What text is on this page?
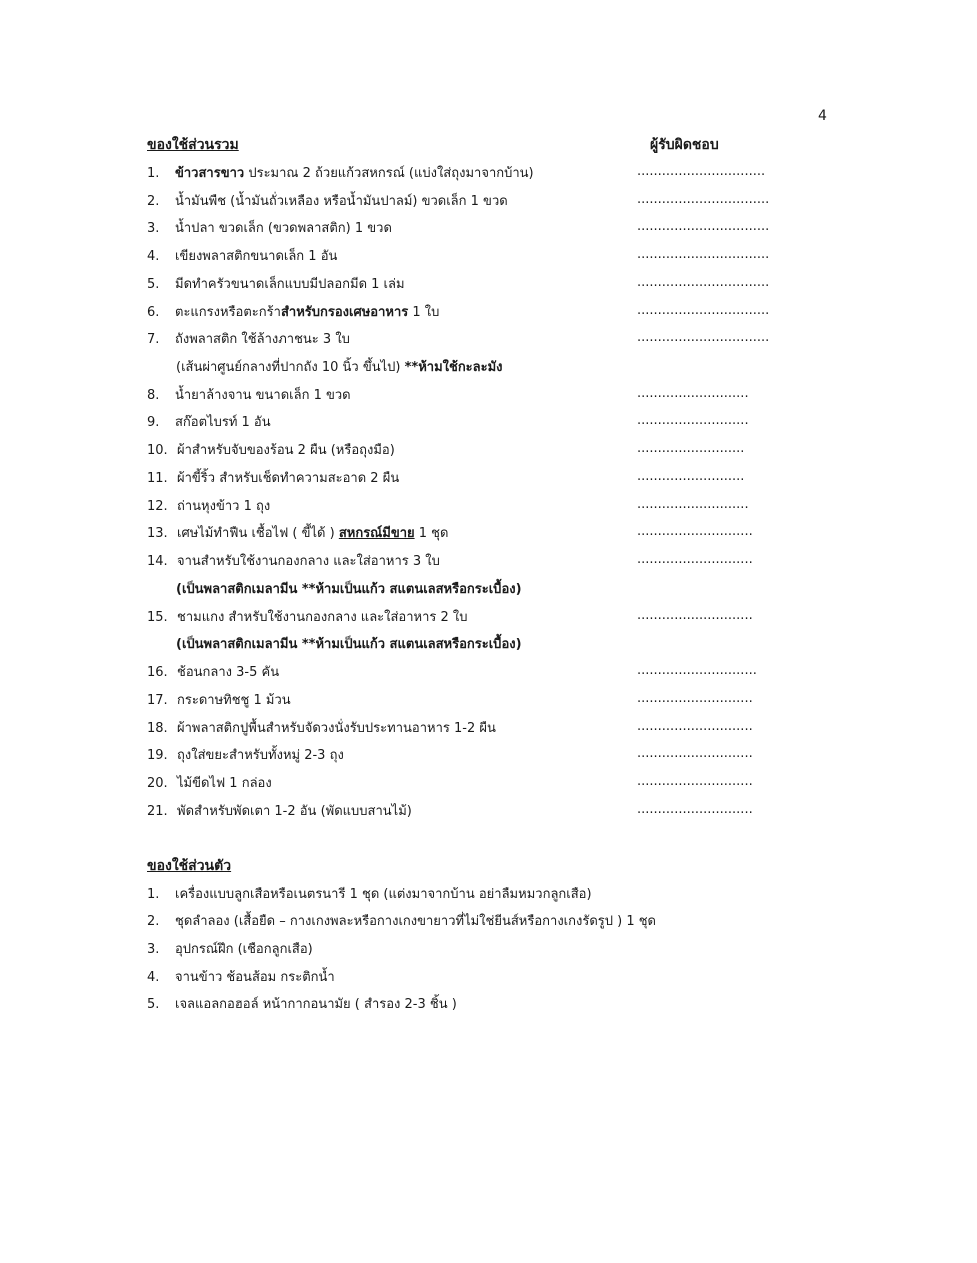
4
ของใช้ส่วนรวม	ผู้รับผิดชอบ
1. ข้าวสารขาว ประมาณ 2 ถ้วยแก้วสหกรณ์ (แบ่งใส่ถุงมาจากบ้าน)	...............................
2. น้ำมันพืช (น้ำมันถั่วเหลือง หรือน้ำมันปาลม์) ขวดเล็ก 1 ขวด	................................
3. น้ำปลา ขวดเล็ก (ขวดพลาสติก) 1 ขวด	................................
4. เขียงพลาสติกขนาดเล็ก 1 อัน	................................
5. มีดทำครัวขนาดเล็กแบบมีปลอกมีด 1 เล่ม	................................
6. ตะแกรงหรือตะกร้าสำหรับกรองเศษอาหาร 1 ใบ	................................
7. ถังพลาสติก ใช้ล้างภาชนะ 3 ใบ	................................
(เส้นผ่าศูนย์กลางที่ปากถัง 10 นิ้ว ขึ้นไป) **ห้ามใช้กะละมัง
8. น้ำยาล้างจาน ขนาดเล็ก 1 ขวด	...........................
9. สก๊อตไบรท์ 1 อัน	...........................
10. ผ้าสำหรับจับของร้อน 2 ผืน (หรือถุงมือ)	..........................
11. ผ้าขี้ริ้ว สำหรับเช็ดทำความสะอาด 2 ผืน	..........................
12. ถ่านหุงข้าว 1 ถุง	...........................
13. เศษไม้ทำฟืน เชื้อไฟ ( ขี้ได้ ) สหกรณ์มีขาย 1 ชุด	............................
14. จานสำหรับใช้งานกองกลาง และใส่อาหาร 3 ใบ	............................
(เป็นพลาสติกเมลามีน **ห้ามเป็นแก้ว สแตนเลสหรือกระเบื้อง)
15. ชามแกง สำหรับใช้งานกองกลาง และใส่อาหาร 2 ใบ	............................
(เป็นพลาสติกเมลามีน **ห้ามเป็นแก้ว สแตนเลสหรือกระเบื้อง)
16. ช้อนกลาง 3-5 คัน	.............................
17. กระดาษทิชชู 1 ม้วน	............................
18. ผ้าพลาสติกปูพื้นสำหรับจัดวงนั่งรับประทานอาหาร 1-2 ผืน	............................
19. ถุงใส่ขยะสำหรับทั้งหมู่ 2-3 ถุง	............................
20. ไม้ขีดไฟ 1 กล่อง	............................
21. พัดสำหรับพัดเตา 1-2 อัน (พัดแบบสานไม้)	............................
ของใช้ส่วนตัว
1. เครื่องแบบลูกเสือหรือเนตรนารี 1 ชุด (แต่งมาจากบ้าน อย่าลืมหมวกลูกเสือ)
2. ชุดลำลอง (เสื้อยืด – กางเกงพละหรือกางเกงขายาวที่ไม่ใช่ยีนส์หรือกางเกงรัดรูป ) 1 ชุด
3. อุปกรณ์ฝึก (เชือกลูกเสือ)
4. จานข้าว ช้อนส้อม กระติกน้ำ
5. เจลแอลกอฮอล์ หน้ากากอนามัย ( สำรอง 2-3 ชิ้น )
